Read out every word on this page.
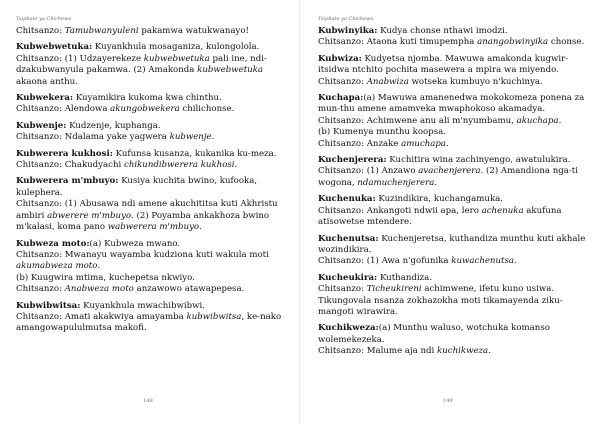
Tsiphate ya Chichewa

Chitsanzo: Tamubwanyuleni pakamwa watukwanayo!

Kubwebwetuka: Kuyankhula mosaganiza, kulongolola.

Chitsanzo: (1) Udzayerekeze kubwebwetuka pali ine, ndi-dzakubwanyula pakamwa. (2) Amakonda kubwebwetuka akaona anthu.

Kubwekera: Kuyamikira kukoma kwa chinthu.

Chitsanzo: Alendowa akungobwekera chilichonse.

Kubwenje: Kudzenje, kuphanga.

Chitsanzo: Ndalama yake yagwera kubwenje.

Kubwerera kukhosi: Kufunsa kusanza, kukanika ku-meza.

Chitsanzo: Chakudyachi chikundibwerera kukhosi.

Kubwerera m'mbuyo: Kusiya kuchita bwino, kufooka, kulephera.

Chitsanzo: (1) Abusawa ndi amene akuchititsa kuti Akhristu ambiri abwerere m'mbuyo. (2) Poyamba ankakhoza bwino m'kalasi, koma pano wabwerera m'mbuyo.

Kubweza moto:(a) Kubweza mwano.

Chitsanzo: Mwanayu wayamba kudziona kuti wakula moti akumabweza moto.

(b) Kuugwira mtima, kuchepetsa nkwiyo.

Chitsanzo: Anabweza moto anzawowo atawapepesa.

Kubwibwitsa: Kuyankhula mwachibwibwi.

Chitsanzo: Amati akakwiya amayamba kubwibwitsa, ke-nako amangowapululmutsa makofi.

148
Tsiphate ya Chichewa

Kubwinyika: Kudya chonse nthawi imodzi.

Chitsanzo: Ataona kuti timupempha anangobwinyika chonse.

Kubwiza: Kudyetsa njomba. Mawuwa amakonda kugwir-itsidwa ntchito pochita masewera a mpira wa miyendo.

Chitsanzo: Anabwiza wotseka kumbuyo n'kuchinya.

Kuchapa:(a) Mawuwa amanenedwa mokokomeza ponena za mun-thu amene amamveka mwaphokoso akamadya.

Chitsanzo: Achimwene anu ali m'nyumbamu, akuchapa.

(b) Kumenya munthu koopsa.

Chitsanzo: Anzake amuchapa.

Kuchenjerera: Kuchitira wina zachinyengo, awatulukira.

Chitsanzo: (1) Anzawo avachenjerera. (2) Amandiona nga-ti wogona, ndamuchenjerera.

Kuchenuka: Kuzindikira, kuchangamuka.

Chitsanzo: Ankangoti ndwii apa, lero achenuka akufuna atisowetse mtendere.

Kuchenutsa: Kuchenjeretsa, kuthandiza munthu kuti akhale wozindikira.

Chitsanzo: (1) Awa n'gofunika kuwachenutsa.

Kucheukira: Kuthandiza.

Chitsanzo: Ticheukireni achimwene, ifetu kuno usiwa. Tikungovala nsanza zokhazokha moti tikamayenda ziku-mangoti wirawira.

Kuchikweza:(a) Munthu waluso, wotchuka komanso wolemekezeka.

Chitsanzo: Malume aja ndi kuchikweza.

149
